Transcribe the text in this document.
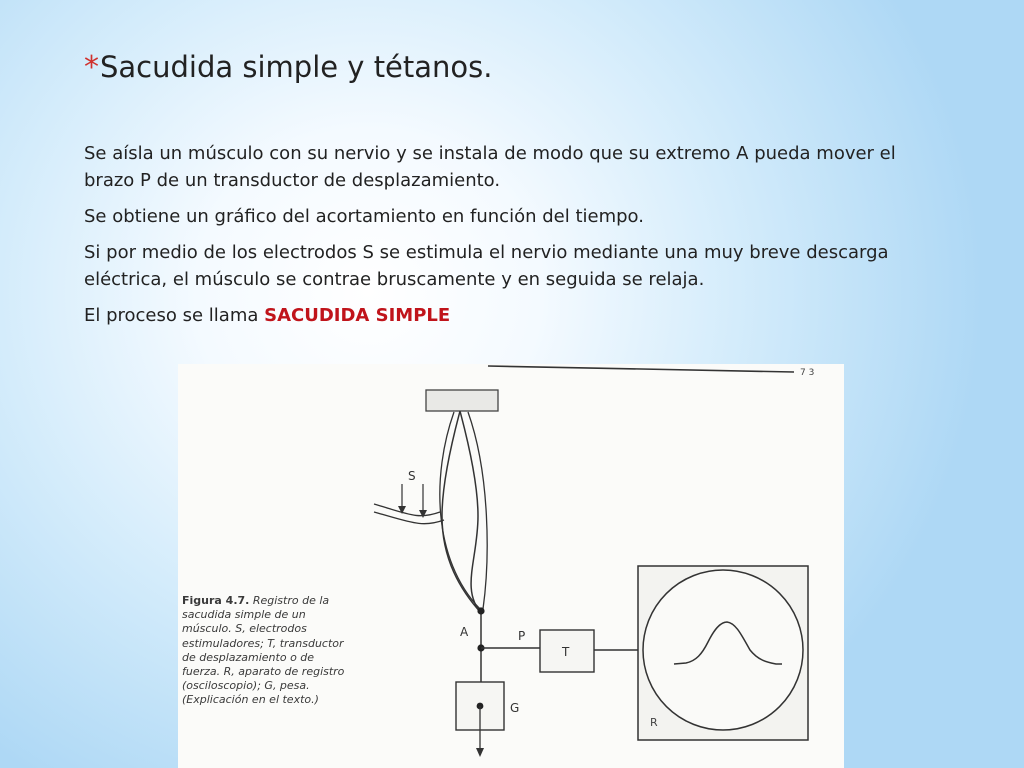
*Sacudida simple y tétanos.

Se aísla un músculo con su nervio y se instala de modo que su extremo A pueda mover el brazo P de un transductor de desplazamiento.

Se obtiene un gráfico del acortamiento en función del tiempo.

Si por medio de los electrodos S se estimula el nervio mediante una muy breve descarga eléctrica, el músculo se contrae bruscamente y en seguida se relaja.

El proceso se llama SACUDIDA SIMPLE

7 3
S
A	P
T
G
R
Figura 4.7. Registro de la sacudida simple de un músculo. S, electrodos estimuladores; T, transductor de desplazamiento o de fuerza. R, aparato de registro (osciloscopio); G, pesa. (Explicación en el texto.)
